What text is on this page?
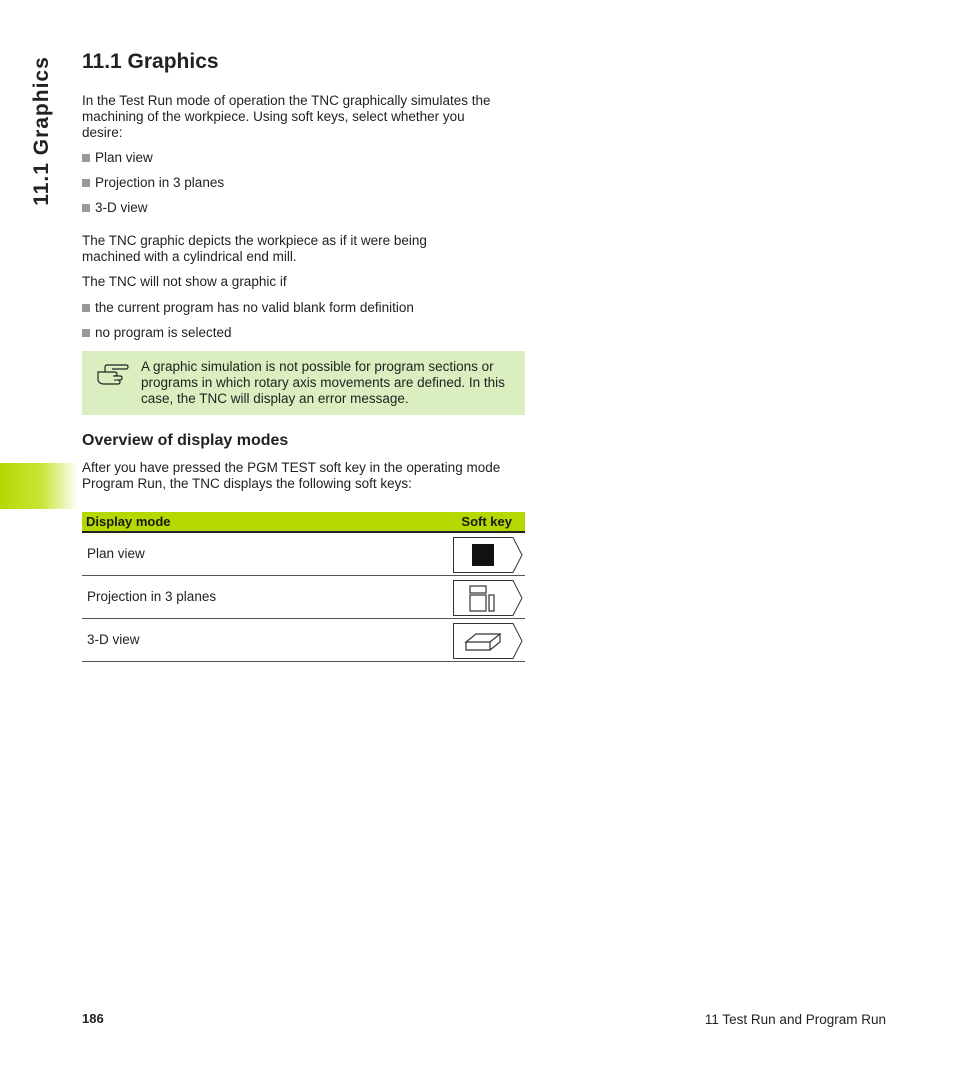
11.1 Graphics 11.1 Graphics
In the Test Run mode of operation the TNC graphically simulates the machining of the workpiece. Using soft keys, select whether you desire:
Plan view
Projection in 3 planes
3-D view
The TNC graphic depicts the workpiece as if it were being machined with a cylindrical end mill.
The TNC will not show a graphic if
the current program has no valid blank form definition
no program is selected
A graphic simulation is not possible for program sections or programs in which rotary axis movements are defined. In this case, the TNC will display an error message.
Overview of display modes
After you have pressed the PGM TEST soft key in the operating mode Program Run, the TNC displays the following soft keys:
Display mode	Soft key
Plan view
Projection in 3 planes
3-D view
186	11 Test Run and Program Run
